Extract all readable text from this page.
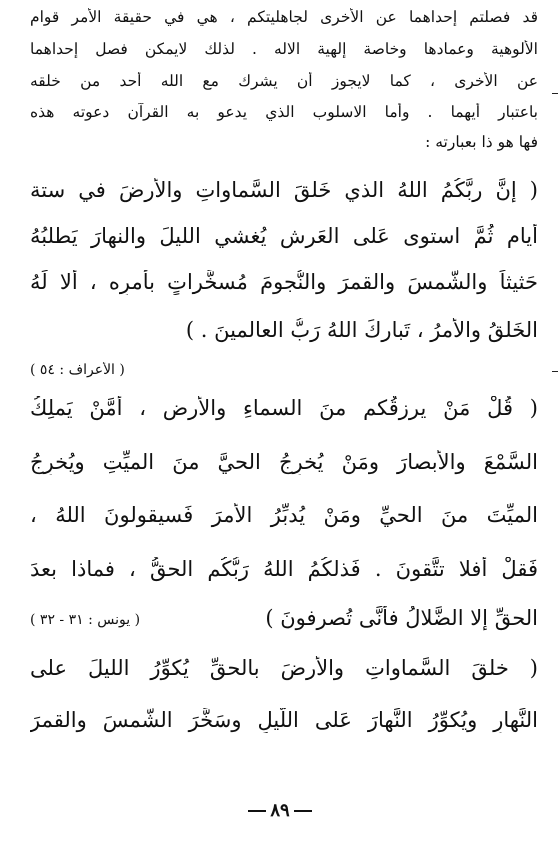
قد فصلتم إحداهما عن الأخرى لجاهليتكم ، هي في حقيقة الأمر قوام
الألوهية وعمادها وخاصة إلهية الاله . لذلك لايمكن فصل إحداهما
عن الأخرى ، كما لايجوز أن يشرك مع الله أحد من خلقه
باعتبار أيهما . وأما الاسلوب الذي يدعو به القرآن دعوته هذه
فها هو ذا بعبارته :
( إنَّ ربَّكُمُ اللهُ الذي خَلقَ السَّماواتِ والأرضَ في ستة
أيامٍ ثُمَّ استوى عَلى العَرشِ يُغشي الليلَ والنهارَ يَطلبُهُ
حَثيثاً والشَّمسَ والقمرَ والنُّجومَ مُسخَّراتٍ بأمرِه ، ألا لَهُ
الخَلقُ والأمرُ ، تَباركَ اللهُ رَبُّ العالمينَ . )
( الأعراف : ٥٤ )
( قُلْ مَنْ يرزقُكم منَ السماءِ والأرضِ ، أمَّنْ يَملِكُ
السَّمْعَ والأبصارَ ومَنْ يُخرِجُ الحيَّ منَ الميِّتِ ويُخرِجُ
الميِّتَ منَ الحيِّ ومَنْ يُدبِّرُ الأمرَ فَسيقولونَ اللهُ ،
فَقلْ أفلا تتَّقونَ . فَذلكُمُ اللهُ رَبُّكُم الحقُّ ، فماذا بعدَ
الحقِّ إلا الضَّلالُ فأنَّى تُصرفونَ )
( يونس : ٣١ - ٣٢ )
( خلقَ السَّماواتِ والأرضَ بالحقِّ يُكوِّرُ الليلَ على
النَّهارِ ويُكوِّرُ النَّهارَ عَلى اللَّيلِ وسَخَّرَ الشَّمسَ والقمرَ
٨٩
